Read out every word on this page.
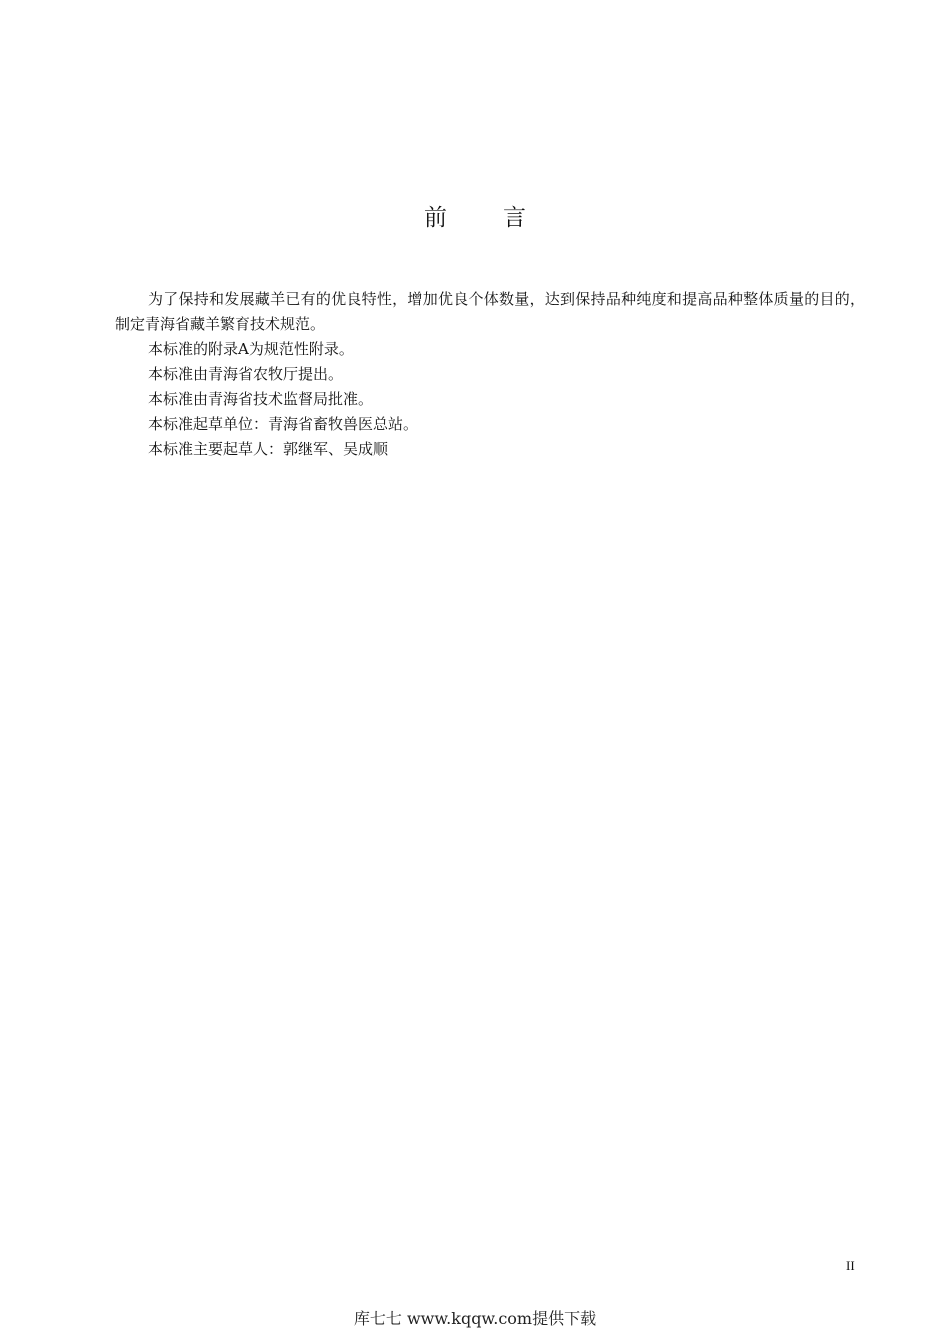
前 言

为了保持和发展藏羊已有的优良特性，增加优良个体数量，达到保持品种纯度和提高品种整体质量的目的，制定青海省藏羊繁育技术规范。

本标准的附录A为规范性附录。

本标准由青海省农牧厅提出。

本标准由青海省技术监督局批准。

本标准起草单位：青海省畜牧兽医总站。

本标准主要起草人：郭继军、吴成顺

II
库七七 www.kqqw.com提供下载
